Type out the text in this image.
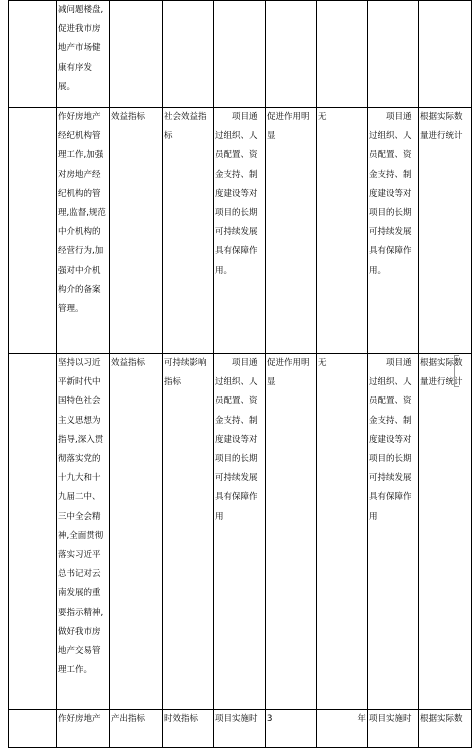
	减问题楼盘,促进我市房地产市场健康有序发展。							
	作好房地产经纪机构管理工作,加强对房地产经纪机构的管理,监督,规范中介机构的经营行为,加强对中介机构介的备案管理。	效益指标	社会效益指标	项目通过组织、人员配置、资金支持、制度建设等对项目的长期可持续发展具有保障作用。	促进作用明显	无	项目通过组织、人员配置、资金支持、制度建设等对项目的长期可持续发展具有保障作用。	根据实际数量进行统计
	坚持以习近平新时代中国特色社会主义思想为指导,深入贯彻落实党的十九大和十九届二中、三中全会精神,全面贯彻落实习近平总书记对云南发展的重要指示精神,做好我市房地产交易管理工作。	效益指标	可持续影响指标	项目通过组织、人员配置、资金支持、制度建设等对项目的长期可持续发展具有保障作用	促进作用明显	无	项目通过组织、人员配置、资金支持、制度建设等对项目的长期可持续发展具有保障作用	根据实际数量进行统计
	作好房地产	产出指标	时效指标	项目实施时	3	年	项目实施时	根据实际数
